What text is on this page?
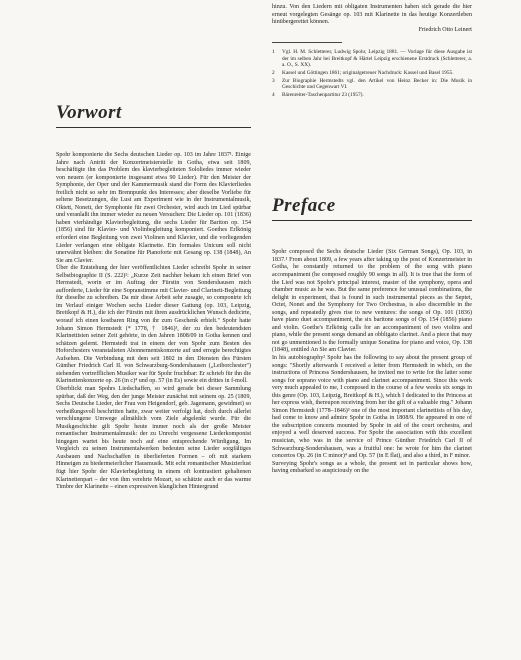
Vorwort

Spohr komponierte die Sechs deutschen Lieder op. 103 im Jahre 1837¹. Einige Jahre nach Antritt der Konzertmeisterstelle in Gotha, etwa seit 1809, beschäftigte ihn das Problem des klavierbegleiteten Sololiedes immer wieder von neuem (er komponierte insgesamt etwa 90 Lieder). Für den Meister der Symphonie, der Oper und der Kammermusik stand die Form des Klavierliedes freilich nicht so sehr im Brennpunkt des Interesses; aber dieselbe Vorliebe für seltene Besetzungen, die Lust am Experiment wie in der Instrumentalmusik, Oktett, Nonett, der Symphonie für zwei Orchester, wird auch im Lied spürbar und veranlaßt ihn immer wieder zu neuen Versuchen: Die Lieder op. 101 (1836) haben vierhändige Klavierbegleitung, die sechs Lieder für Bariton op. 154 (1856) sind für Klavier- und Violinbegleitung komponiert. Goethes Erlkönig erfordert eine Begleitung von zwei Violinen und Klavier, und die vorliegenden Lieder verlangen eine obligate Klarinette. Ein formales Unicum soll nicht unerwähnt bleiben: die Sonatine für Pianoforte mit Gesang op. 138 (1848), An Sie am Clavier.

Über die Entstehung der hier veröffentlichten Lieder schreibt Spohr in seiner Selbstbiographie II (S. 222)²: „Kurze Zeit nachher bekam ich einen Brief von Hermstedt, worin er im Auftrag der Fürstin von Sondershausen mich aufforderte, Lieder für eine Sopranstimme mit Clavier- und Clarinett-Begleitung für dieselbe zu schreiben. Da mir diese Arbeit sehr zusagte, so componirte ich im Verlauf einiger Wochen sechs Lieder dieser Gattung (op. 103, Leipzig, Breitkopf & H.), die ich der Fürstin mit ihren ausdrücklichen Wunsch dedicirte, worauf ich einen kostbaren Ring von ihr zum Geschenk erhielt." Spohr hatte Johann Simon Hermstedt (* 1778, † 1846)³, der zu den bedeutendsten Klarinettisten seiner Zeit gehörte, in den Jahren 1808/09 in Gotha kennen und schätzen gelernt. Hermstedt trat in einem der von Spohr zum Besten des Hoforchesters veranstalteten Abonnementskonzerte auf und erregte berechtigtes Aufsehen. Die Verbindung mit dem seit 1802 in den Diensten des Fürsten Günther Friedrich Carl II. von Schwarzburg-Sondershausen („Leiborchester") stehenden vortrefflichen Musiker war für Spohr fruchtbar: Er schrieb für ihn die Klarinettenkonzerte op. 26 (in c)⁴ und op. 57 (in Es) sowie ein drittes in f-moll.

Überblickt man Spohrs Liedschaffen, so wird gerade bei dieser Sammlung spürbar, daß der Weg, den der junge Meister zunächst mit seinem op. 25 (1809, Sechs Deutsche Lieder, der Frau von Heigendorf, geb. Jagemann, gewidmet) so verheißungsvoll beschritten hatte, zwar weiter verfolgt hat, doch durch allerlei verschlungene Umwege allmählich vom Ziele abgelenkt wurde. Für die Musikgeschichte gilt Spohr heute immer noch als der große Meister romantischer Instrumentalmusik: der zu Unrecht vergessene Liederkomponist hingegen wartet bis heute noch auf eine entsprechende Würdigung. Im Vergleich zu seinen Instrumentalwerken bedeuten seine Lieder sorgfältiges Ausbauen und Nachschaffen in überlieferten Formen – oft mit starkem Hinneigen zu biedermeierlicher Hausmusik. Mit echt romantischer Musizierlust fügt hier Spohr der Klavierbegleitung in einem oft kontrastiert gehaltenen Klarinettenpart – der von ihm verehrte Mozart, so schätzte auch er das warme Timbre der Klarinette – einen expressiven klanglichen Hintergrund

hinzu. Von den Liedern mit obligaten Instrumenten haben sich gerade die hier erneut vorgelegten Gesänge op. 103 mit Klarinette in das heutige Konzertleben hinübergerettet können.

Friedrich Otto Leinert

1	Vgl. H. M. Schletterer, Ludwig Spohr, Leipzig 1881. — Vorlage für diese Ausgabe ist der im selben Jahr bei Breitkopf & Härtel Leipzig erschienene Erstdruck (Schletterer, a. a. O., S. XX).
2	Kassel und Göttingen 1861; originalgetreuer Nachdruck: Kassel und Basel 1955.
3	Zur Biographie Hermstedts vgl. den Artikel von Heinz Becker in: Die Musik in Geschichte und Gegenwart VI.
4	Bärenreiter-Taschenpartitur 23 (1957).
Preface

Spohr composed the Sechs deutsche Lieder (Six German Songs), Op. 103, in 1837.¹ From about 1809, a few years after taking up the post of Konzertmeister in Gotha, he constantly returned to the problem of the song with piano accompaniment (he composed roughly 90 songs in all). It is true that the form of the Lied was not Spohr's principal interest, master of the symphony, opera and chamber music as he was. But the same preference for unusual combinations, the delight in experiment, that is found in such instrumental pieces as the Septet, Octet, Nonet and the Symphony for Two Orchestras, is also discernible in the songs, and repeatedly gives rise to new ventures: the songs of Op. 101 (1836) have piano duet accompaniment, the six baritone songs of Op. 154 (1856) piano and violin. Goethe's Erlkönig calls for an accompaniment of two violins and piano, while the present songs demand an obbligato clarinet. And a piece that may not go unmentioned is the formally unique Sonatina for piano and voice, Op. 138 (1848), entitled An Sie am Clavier.

In his autobiography² Spohr has the following to say about the present group of songs: "Shortly afterwards I received a letter from Hermstedt in which, on the instructions of Princess Sondershausen, he invited me to write for the latter some songs for soprano voice with piano and clarinet accompaniment. Since this work very much appealed to me, I composed in the course of a few weeks six songs in this genre (Op. 103, Leipzig, Breitkopf & H.), which I dedicated to the Princess at her express wish, thereupon receiving from her the gift of a valuable ring." Johann Simon Hermstedt (1778–1846)³ one of the most important clarinettists of his day, had come to know and admire Spohr in Gotha in 1808/9. He appeared in one of the subscription concerts mounted by Spohr in aid of the court orchestra, and enjoyed a well deserved success. For Spohr the association with this excellent musician, who was in the service of Prince Günther Friedrich Carl II of Schwarzburg-Sondershausen, was a fruitful one: he wrote for him the clarinet concertos Op. 26 (in C minor)⁴ and Op. 57 (in E flat), and also a third, in F minor.

Surveying Spohr's songs as a whole, the present set in particular shows how, having embarked so auspiciously on the
